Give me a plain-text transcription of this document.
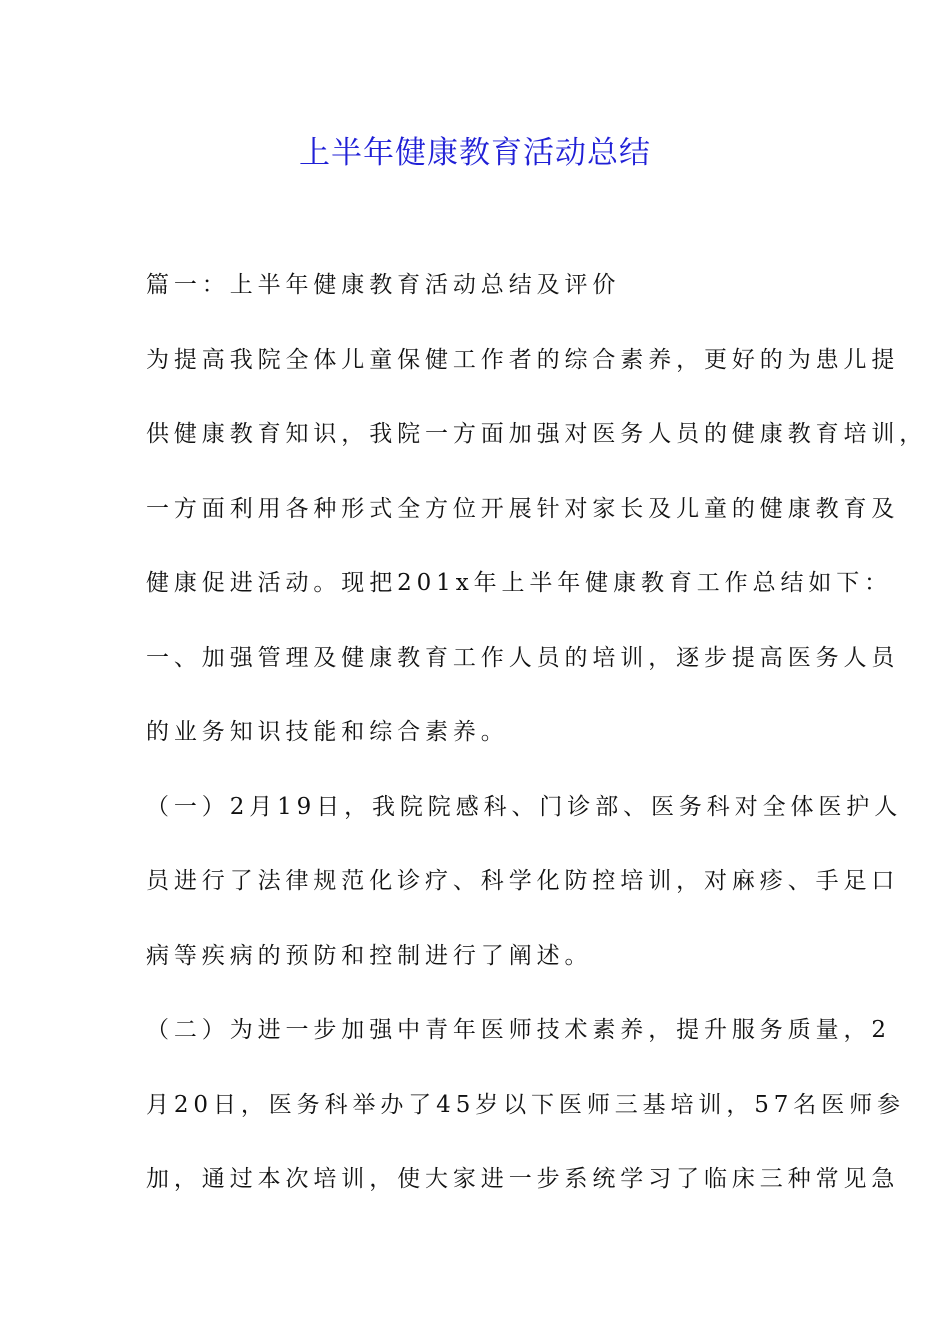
上半年健康教育活动总结

篇一：上半年健康教育活动总结及评价

为提高我院全体儿童保健工作者的综合素养，更好的为患儿提

供健康教育知识，我院一方面加强对医务人员的健康教育培训，

一方面利用各种形式全方位开展针对家长及儿童的健康教育及

健康促进活动。现把201x年上半年健康教育工作总结如下：

一、加强管理及健康教育工作人员的培训，逐步提高医务人员

的业务知识技能和综合素养。

（一）2月19日，我院院感科、门诊部、医务科对全体医护人

员进行了法律规范化诊疗、科学化防控培训，对麻疹、手足口

病等疾病的预防和控制进行了阐述。

（二）为进一步加强中青年医师技术素养，提升服务质量，2

月20日，医务科举办了45岁以下医师三基培训，57名医师参

加，通过本次培训，使大家进一步系统学习了临床三种常见急
